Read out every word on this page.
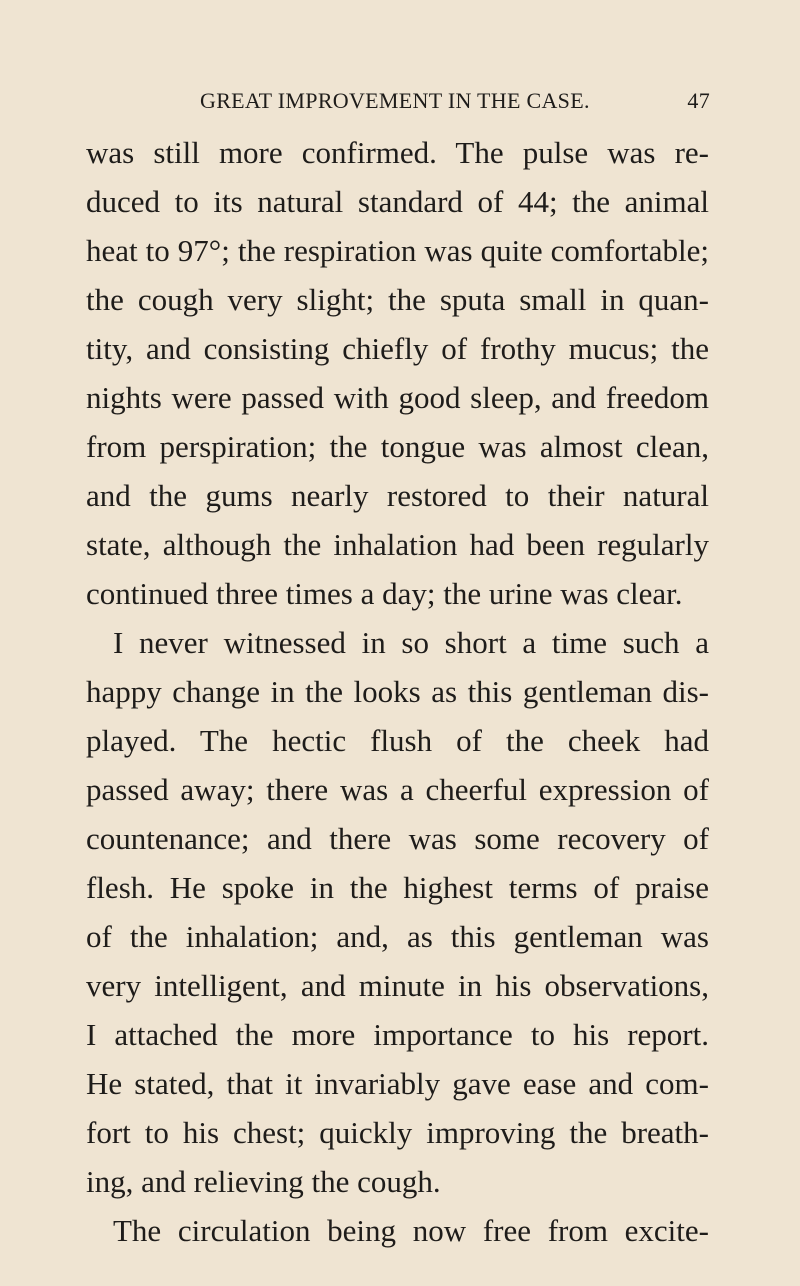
GREAT IMPROVEMENT IN THE CASE.	47
was still more confirmed. The pulse was re-
duced to its natural standard of 44; the animal
heat to 97°; the respiration was quite comfortable;
the cough very slight; the sputa small in quan-
tity, and consisting chiefly of frothy mucus; the
nights were passed with good sleep, and freedom
from perspiration; the tongue was almost clean,
and the gums nearly restored to their natural
state, although the inhalation had been regularly
continued three times a day; the urine was clear.
I never witnessed in so short a time such a
happy change in the looks as this gentleman dis-
played. The hectic flush of the cheek had
passed away; there was a cheerful expression of
countenance; and there was some recovery of
flesh. He spoke in the highest terms of praise
of the inhalation; and, as this gentleman was
very intelligent, and minute in his observations,
I attached the more importance to his report.
He stated, that it invariably gave ease and com-
fort to his chest; quickly improving the breath-
ing, and relieving the cough.
The circulation being now free from excite-
